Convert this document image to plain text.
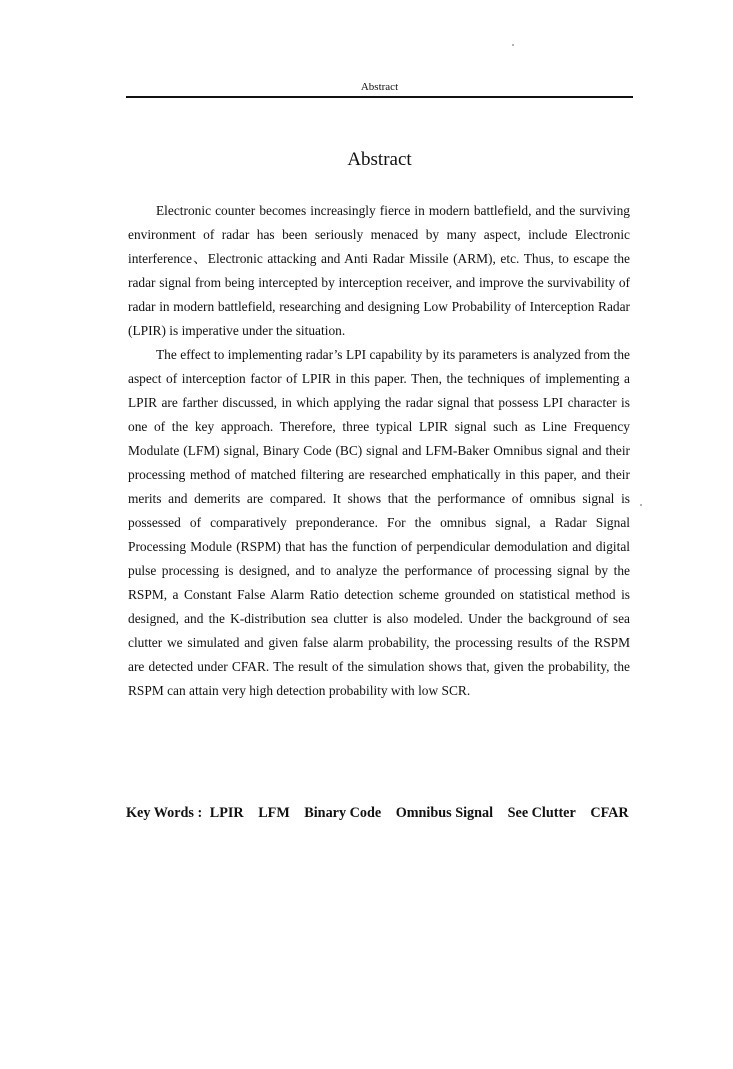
Abstract
Abstract

Electronic counter becomes increasingly fierce in modern battlefield, and the surviving environment of radar has been seriously menaced by many aspect, include Electronic interference、Electronic attacking and Anti Radar Missile (ARM), etc. Thus, to escape the radar signal from being intercepted by interception receiver, and improve the survivability of radar in modern battlefield, researching and designing Low Probability of Interception Radar (LPIR) is imperative under the situation.

The effect to implementing radar’s LPI capability by its parameters is analyzed from the aspect of interception factor of LPIR in this paper. Then, the techniques of implementing a LPIR are farther discussed, in which applying the radar signal that possess LPI character is one of the key approach. Therefore, three typical LPIR signal such as Line Frequency Modulate (LFM) signal, Binary Code (BC) signal and LFM-Baker Omnibus signal and their processing method of matched filtering are researched emphatically in this paper, and their merits and demerits are compared. It shows that the performance of omnibus signal is possessed of comparatively preponderance. For the omnibus signal, a Radar Signal Processing Module (RSPM) that has the function of perpendicular demodulation and digital pulse processing is designed, and to analyze the performance of processing signal by the RSPM, a Constant False Alarm Ratio detection scheme grounded on statistical method is designed, and the K-distribution sea clutter is also modeled. Under the background of sea clutter we simulated and given false alarm probability, the processing results of the RSPM are detected under CFAR. The result of the simulation shows that, given the probability, the RSPM can attain very high detection probability with low SCR.

Key Words : LPIR LFM Binary Code Omnibus Signal See Clutter CFAR
